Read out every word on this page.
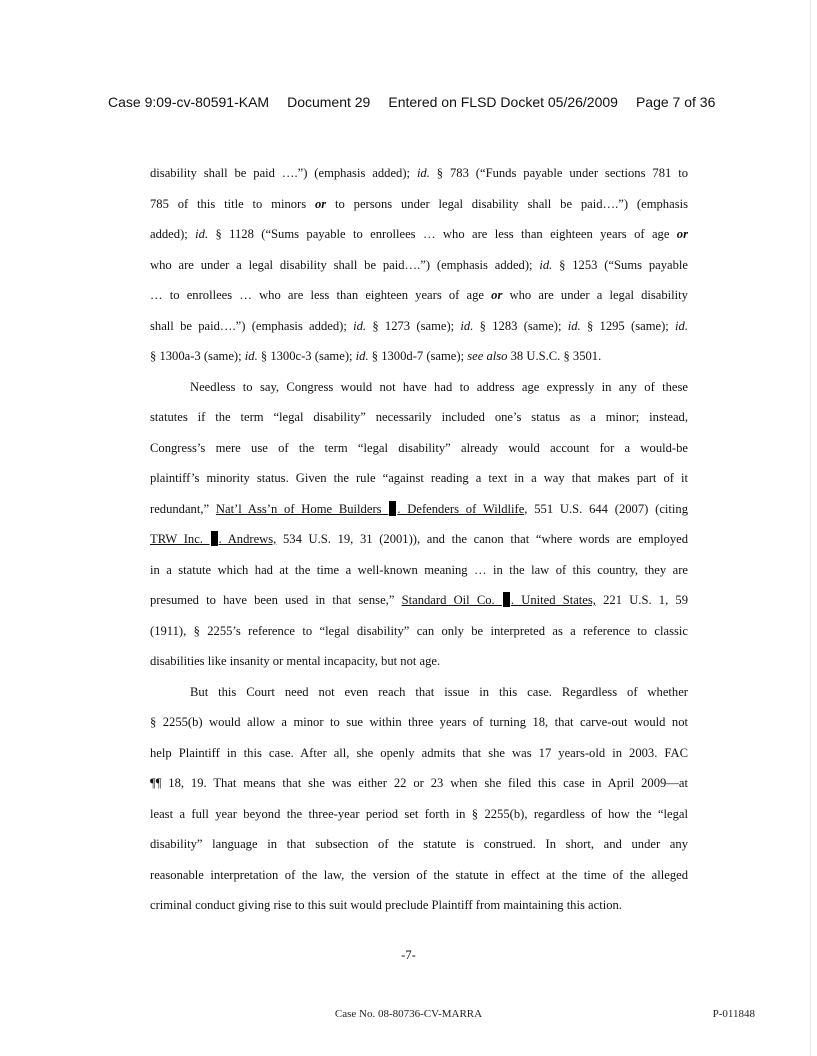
Case 9:09-cv-80591-KAM Document 29 Entered on FLSD Docket 05/26/2009 Page 7 of 36
disability shall be paid ….”) (emphasis added); id. § 783 (“Funds payable under sections 781 to
785 of this title to minors or to persons under legal disability shall be paid….”) (emphasis
added); id. § 1128 (“Sums payable to enrollees … who are less than eighteen years of age or
who are under a legal disability shall be paid….”) (emphasis added); id. § 1253 (“Sums payable
… to enrollees … who are less than eighteen years of age or who are under a legal disability
shall be paid….”) (emphasis added); id. § 1273 (same); id. § 1283 (same); id. § 1295 (same); id.
§ 1300a-3 (same); id. § 1300c-3 (same); id. § 1300d-7 (same); see also 38 U.S.C. § 3501.
Needless to say, Congress would not have had to address age expressly in any of these
statutes if the term “legal disability” necessarily included one’s status as a minor; instead,
Congress’s mere use of the term “legal disability” already would account for a would-be
plaintiff’s minority status. Given the rule “against reading a text in a way that makes part of it
redundant,” Nat’l Ass’n of Home Builders . Defenders of Wildlife, 551 U.S. 644 (2007) (citing
TRW Inc. . Andrews, 534 U.S. 19, 31 (2001)), and the canon that “where words are employed
in a statute which had at the time a well-known meaning … in the law of this country, they are
presumed to have been used in that sense,” Standard Oil Co. . United States, 221 U.S. 1, 59
(1911), § 2255’s reference to “legal disability” can only be interpreted as a reference to classic
disabilities like insanity or mental incapacity, but not age.
But this Court need not even reach that issue in this case. Regardless of whether
§ 2255(b) would allow a minor to sue within three years of turning 18, that carve-out would not
help Plaintiff in this case. After all, she openly admits that she was 17 years-old in 2003. FAC
¶¶ 18, 19. That means that she was either 22 or 23 when she filed this case in April 2009—at
least a full year beyond the three-year period set forth in § 2255(b), regardless of how the “legal
disability” language in that subsection of the statute is construed. In short, and under any
reasonable interpretation of the law, the version of the statute in effect at the time of the alleged
criminal conduct giving rise to this suit would preclude Plaintiff from maintaining this action.
-7-
Case No. 08-80736-CV-MARRA	P-011848
